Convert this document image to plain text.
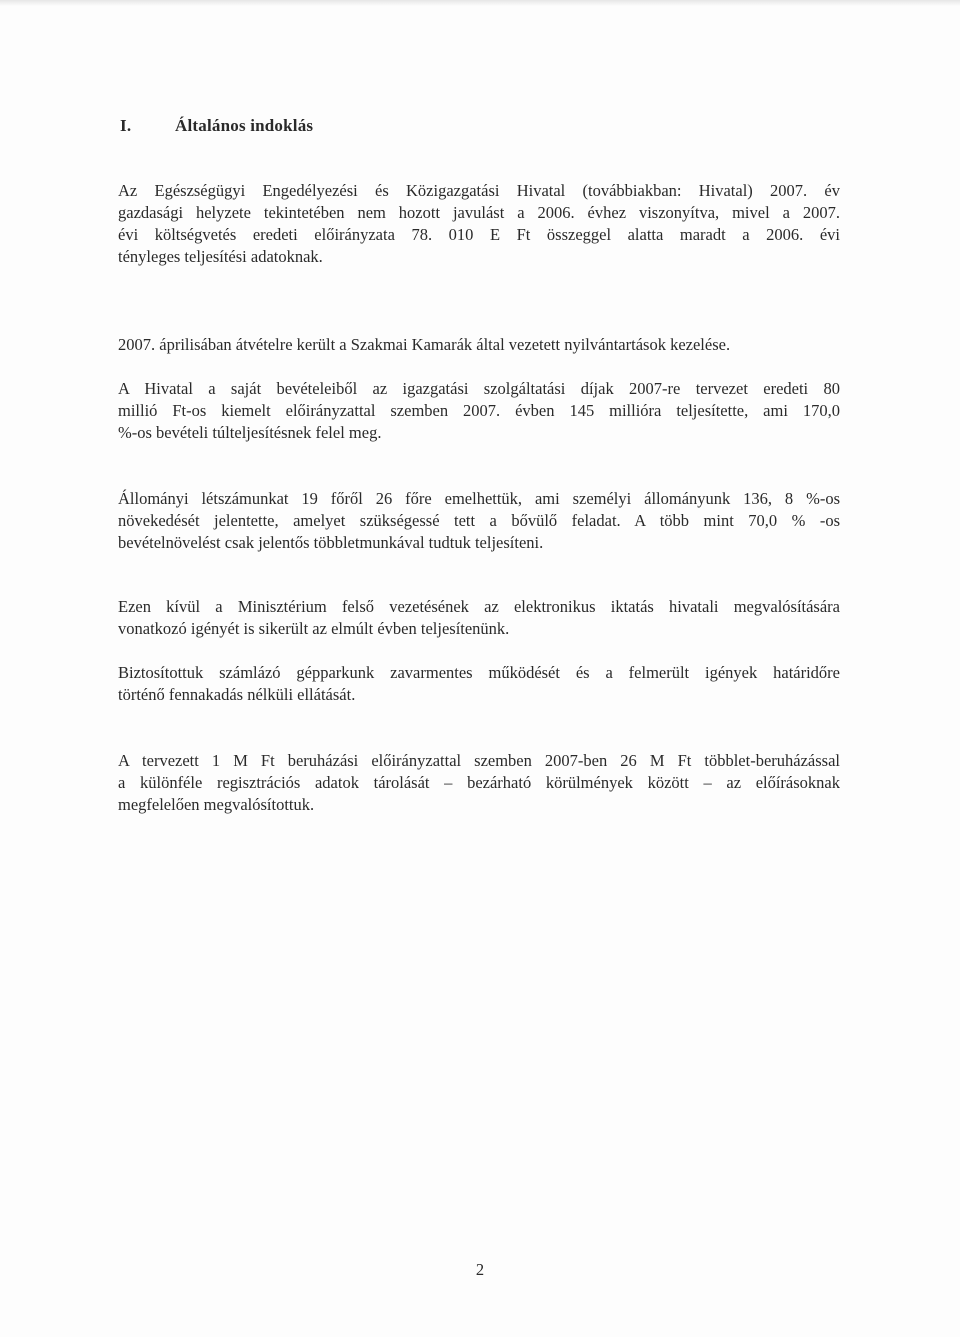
I.	Általános indoklás
Az Egészségügyi Engedélyezési és Közigazgatási Hivatal (továbbiakban: Hivatal) 2007. év
gazdasági helyzete tekintetében nem hozott javulást a 2006. évhez viszonyítva, mivel a 2007.
évi költségvetés eredeti előirányzata 78. 010 E Ft összeggel alatta maradt a 2006. évi
tényleges teljesítési adatoknak.
2007. áprilisában átvételre került a Szakmai Kamarák által vezetett nyilvántartások kezelése.
A Hivatal a saját bevételeiből az igazgatási szolgáltatási díjak 2007-re tervezet eredeti 80
millió Ft-os kiemelt előirányzattal szemben 2007. évben 145 millióra teljesítette, ami 170,0
%-os bevételi túlteljesítésnek felel meg.
Állományi létszámunkat 19 főről 26 főre emelhettük, ami személyi állományunk 136, 8 %-os
növekedését jelentette, amelyet szükségessé tett a bővülő feladat. A több mint 70,0 % -os
bevételnövelést csak jelentős többletmunkával tudtuk teljesíteni.
Ezen kívül a Minisztérium felső vezetésének az elektronikus iktatás hivatali megvalósítására
vonatkozó igényét is sikerült az elmúlt évben teljesítenünk.
Biztosítottuk számlázó gépparkunk zavarmentes működését és a felmerült igények határidőre
történő fennakadás nélküli ellátását.
A tervezett 1 M Ft beruházási előirányzattal szemben 2007-ben 26 M Ft többlet-beruházással
a különféle regisztrációs adatok tárolását – bezárható körülmények között – az előírásoknak
megfelelően megvalósítottuk.
2
